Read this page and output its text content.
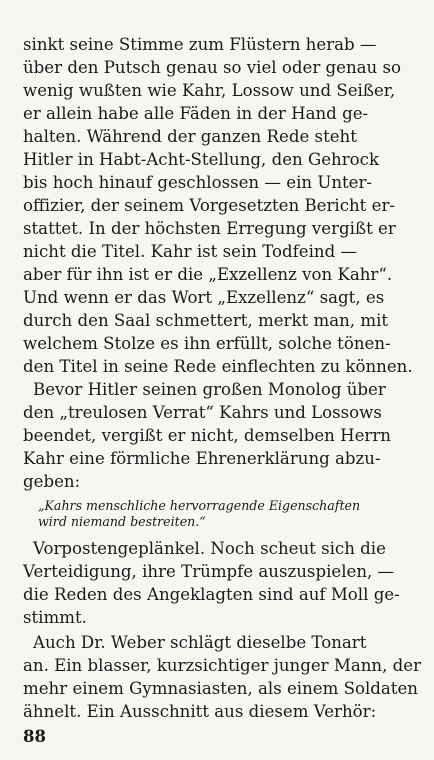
sinkt seine Stimme zum Flüstern herab —
über den Putsch genau so viel oder genau so
wenig wußten wie Kahr, Lossow und Seißer,
er allein habe alle Fäden in der Hand ge-
halten. Während der ganzen Rede steht
Hitler in Habt-Acht-Stellung, den Gehrock
bis hoch hinauf geschlossen — ein Unter-
offizier, der seinem Vorgesetzten Bericht er-
stattet. In der höchsten Erregung vergißt er
nicht die Titel. Kahr ist sein Todfeind —
aber für ihn ist er die „Exzellenz von Kahr“.
Und wenn er das Wort „Exzellenz“ sagt, es
durch den Saal schmettert, merkt man, mit
welchem Stolze es ihn erfüllt, solche tönen-
den Titel in seine Rede einflechten zu können.
Bevor Hitler seinen großen Monolog über
den „treulosen Verrat“ Kahrs und Lossows
beendet, vergißt er nicht, demselben Herrn
Kahr eine förmliche Ehrenerklärung abzu-
geben:
„Kahrs menschliche hervorragende Eigenschaften
wird niemand bestreiten.“
Vorpostengeplänkel. Noch scheut sich die
Verteidigung, ihre Trümpfe auszuspielen, —
die Reden des Angeklagten sind auf Moll ge-
stimmt.
Auch Dr. Weber schlägt dieselbe Tonart
an. Ein blasser, kurzsichtiger junger Mann, der
mehr einem Gymnasiasten, als einem Soldaten
ähnelt. Ein Ausschnitt aus diesem Verhör:
88
